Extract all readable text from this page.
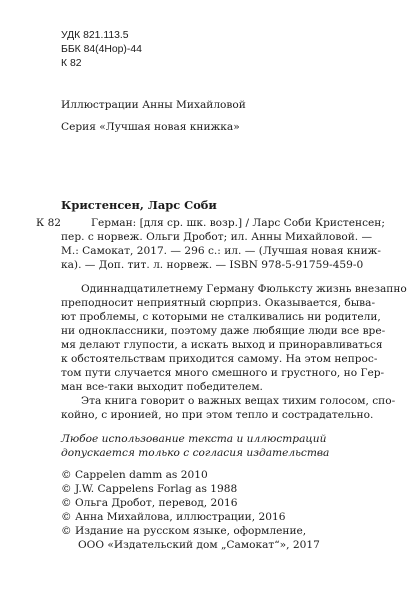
УДК 821.113.5
ББК 84(4Нор)-44
К 82
Иллюстрации Анны Михайловой
Серия «Лучшая новая книжка»
Кристенсен, Ларс Соби
К 82	Герман: [для ср. шк. возр.] / Ларс Соби Кристенсен;
пер. с норвеж. Ольги Дробот; ил. Анны Михайловой. —
М.: Самокат, 2017. — 296 с.: ил. — (Лучшая новая книж-
ка). — Доп. тит. л. норвеж. — ISBN 978-5-91759-459-0
Одиннадцатилетнему Герману Фюльксту жизнь внезапно
преподносит неприятный сюрприз. Оказывается, быва-
ют проблемы, с которыми не сталкивались ни родители,
ни одноклассники, поэтому даже любящие люди все вре-
мя делают глупости, а искать выход и приноравливаться
к обстоятельствам приходится самому. На этом непрос-
том пути случается много смешного и грустного, но Гер-
ман все-таки выходит победителем.
Эта книга говорит о важных вещах тихим голосом, спо-
койно, с иронией, но при этом тепло и сострадательно.
Любое использование текста и иллюстраций
допускается только с согласия издательства
© Cappelen damm as 2010
© J.W. Cappelens Forlag as 1988
© Ольга Дробот, перевод, 2016
© Анна Михайлова, иллюстрации, 2016
© Издание на русском языке, оформление,
ООО «Издательский дом „Самокат“», 2017
